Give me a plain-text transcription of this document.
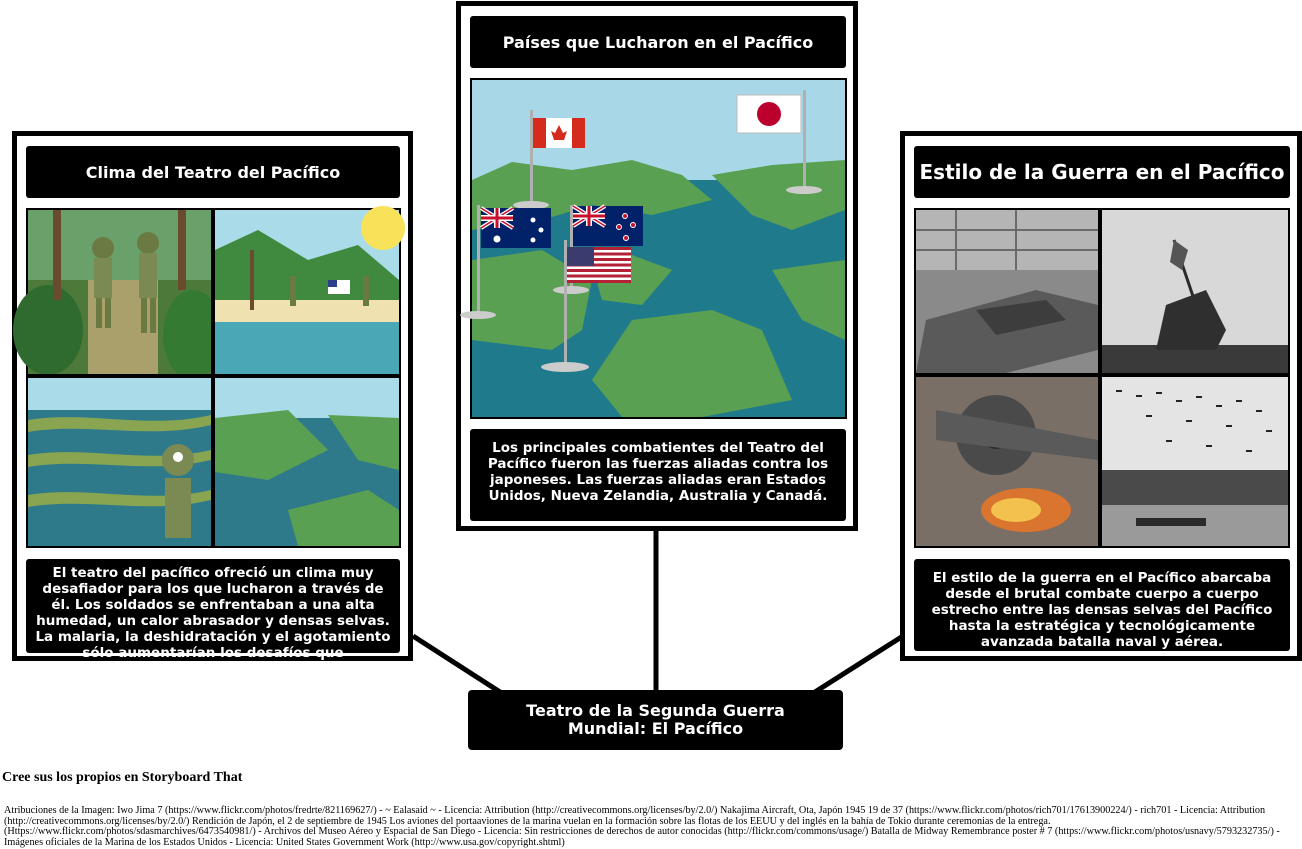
Clima del Teatro del Pacífico
El teatro del pacífico ofreció un clima muy desafiador para los que lucharon a través de él. Los soldados se enfrentaban a una alta humedad, un calor abrasador y densas selvas. La malaria, la deshidratación y el agotamiento sólo aumentarían los desafíos que enfrentarían los soldados.
Países que Lucharon en el Pacífico
Los principales combatientes del Teatro del Pacífico fueron las fuerzas aliadas contra los japoneses. Las fuerzas aliadas eran Estados Unidos, Nueva Zelandia, Australia y Canadá.
Estilo de la Guerra en el Pacífico
El estilo de la guerra en el Pacífico abarcaba desde el brutal combate cuerpo a cuerpo estrecho entre las densas selvas del Pacífico hasta la estratégica y tecnológicamente avanzada batalla naval y aérea.
Teatro de la Segunda Guerra Mundial: El Pacífico
Cree sus los propios en Storyboard That
Atribuciones de la Imagen: Iwo Jima 7 (https://www.flickr.com/photos/fredrte/821169627/) - ~ Ealasaid ~ - Licencia: Attribution (http://creativecommons.org/licenses/by/2.0/) Nakajima Aircraft, Ota, Japón 1945 19 de 37 (https://www.flickr.com/photos/rich701/17613900224/) - rich701 - Licencia: Attribution (http://creativecommons.org/licenses/by/2.0/) Rendición de Japón, el 2 de septiembre de 1945 Los aviones del portaaviones de la marina vuelan en la formación sobre las flotas de los EEUU y del inglés en la bahía de Tokio durante ceremonias de la entrega. (Https://www.flickr.com/photos/sdasmarchives/6473540981/) - Archivos del Museo Aéreo y Espacial de San Diego - Licencia: Sin restricciones de derechos de autor conocidas (http://flickr.com/commons/usage/) Batalla de Midway Remembrance poster # 7 (https://www.flickr.com/photos/usnavy/5793232735/) - Imágenes oficiales de la Marina de los Estados Unidos - Licencia: United States Government Work (http://www.usa.gov/copyright.shtml)
